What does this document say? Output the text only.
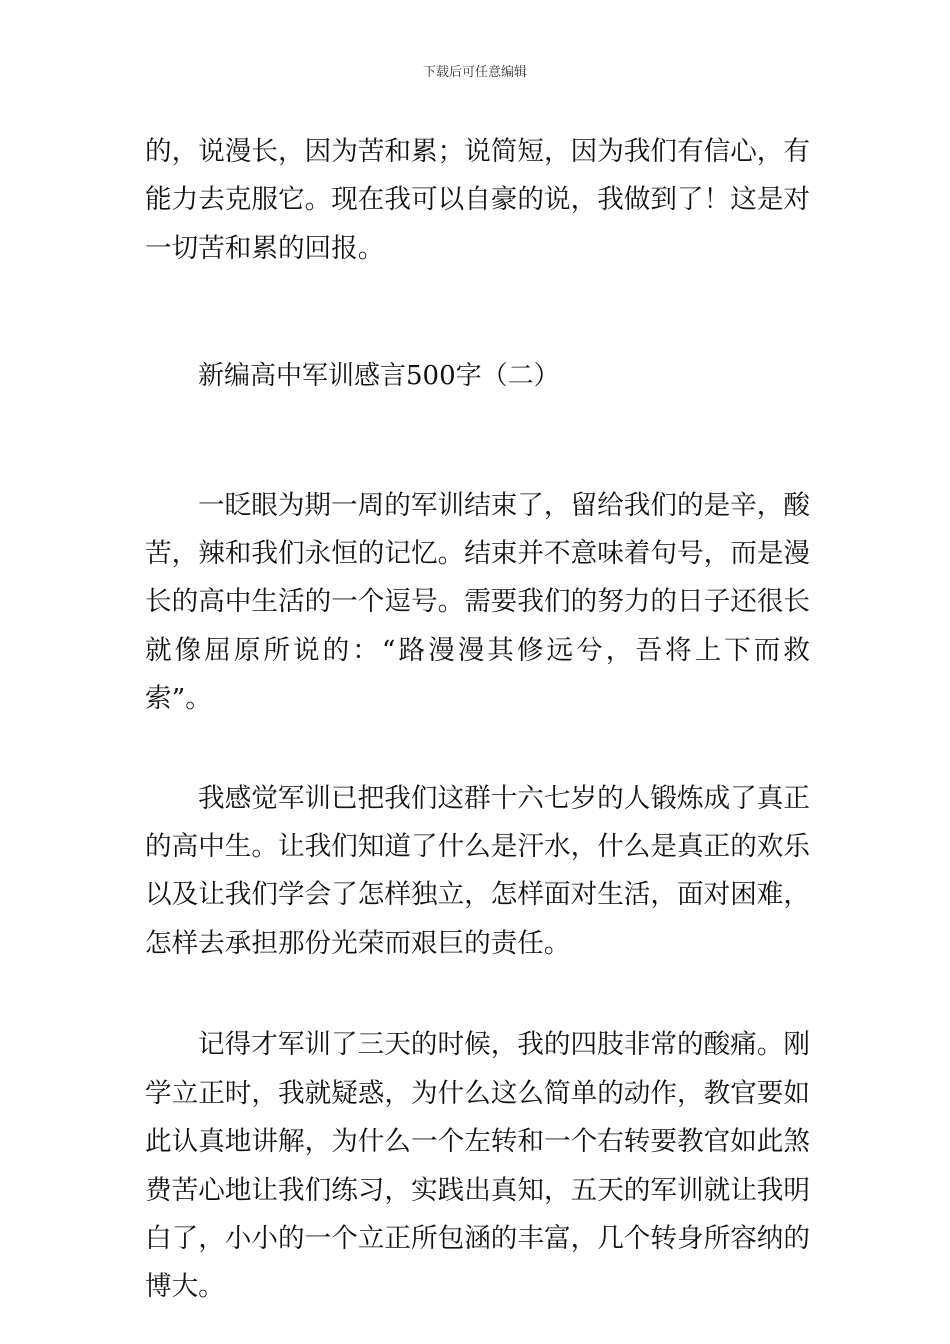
下载后可任意编辑

的，说漫长，因为苦和累；说简短，因为我们有信心，有能力去克服它。现在我可以自豪的说，我做到了！这是对一切苦和累的回报。

新编高中军训感言500字（二）

一眨眼为期一周的军训结束了，留给我们的是辛，酸苦，辣和我们永恒的记忆。结束并不意味着句号，而是漫长的高中生活的一个逗号。需要我们的努力的日子还很长就像屈原所说的：“路漫漫其修远兮，吾将上下而救索”。

我感觉军训已把我们这群十六七岁的人锻炼成了真正的高中生。让我们知道了什么是汗水，什么是真正的欢乐以及让我们学会了怎样独立，怎样面对生活，面对困难，怎样去承担那份光荣而艰巨的责任。

记得才军训了三天的时候，我的四肢非常的酸痛。刚学立正时，我就疑惑，为什么这么简单的动作，教官要如此认真地讲解，为什么一个左转和一个右转要教官如此煞费苦心地让我们练习，实践出真知，五天的军训就让我明白了，小小的一个立正所包涵的丰富，几个转身所容纳的博大。
